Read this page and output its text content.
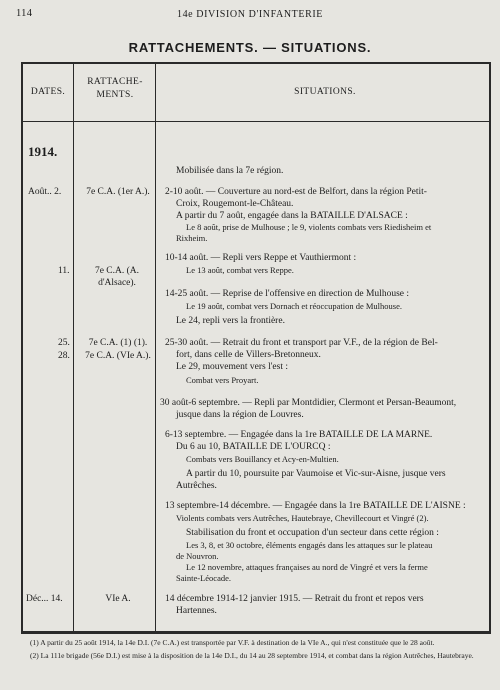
114	14e DIVISION D'INFANTERIE
RATTACHEMENTS. — SITUATIONS.
DATES.
RATTACHE-MENTS.	SITUATIONS.
1914.
Mobilisée dans la 7e région.
Août.. 2.	7e C.A. (1er A.).	2-10 août. — Couverture au nord-est de Belfort, dans la région Petit-
Croix, Rougemont-le-Château.
A partir du 7 août, engagée dans la BATAILLE D'ALSACE :
Le 8 août, prise de Mulhouse ; le 9, violents combats vers Riedisheim et
Rixheim.
11.	7e C.A. (A. d'Alsace).
10-14 août. — Repli vers Reppe et Vauthiermont :
Le 13 août, combat vers Reppe.
14-25 août. — Reprise de l'offensive en direction de Mulhouse :
Le 19 août, combat vers Dornach et réoccupation de Mulhouse.
Le 24, repli vers la frontière.
25.	7e C.A. (1) (1).
28.	7e C.A. (VIe A.).
25-30 août. — Retrait du front et transport par V.F., de la région de Bel-
fort, dans celle de Villers-Bretonneux.
Le 29, mouvement vers l'est :
Combat vers Proyart.
30 août-6 septembre. — Repli par Montdidier, Clermont et Persan-Beaumont,
jusque dans la région de Louvres.
6-13 septembre. — Engagée dans la 1re BATAILLE DE LA MARNE.
Du 6 au 10, BATAILLE DE L'OURCQ :
Combats vers Bouillancy et Acy-en-Multien.
A partir du 10, poursuite par Vaumoise et Vic-sur-Aisne, jusque vers
Autrêches.
13 septembre-14 décembre. — Engagée dans la 1re BATAILLE DE L'AISNE :
Violents combats vers Autrêches, Hautebraye, Chevillecourt et Vingré (2).
Stabilisation du front et occupation d'un secteur dans cette région :
Les 3, 8, et 30 octobre, éléments engagés dans les attaques sur le plateau
de Nouvron.
Le 12 novembre, attaques françaises au nord de Vingré et vers la ferme
Sainte-Léocade.
Déc... 14.	VIe A.	14 décembre 1914-12 janvier 1915. — Retrait du front et repos vers
Hartennes.

(1) A partir du 25 août 1914, la 14e D.I. (7e C.A.) est transportée par V.F. à destination de la VIe A., qui n'est constituée que le 28 août.

(2) La 111e brigade (56e D.I.) est mise à la disposition de la 14e D.I., du 14 au 28 septembre 1914, et combat dans la région Autrêches, Hautebraye.
